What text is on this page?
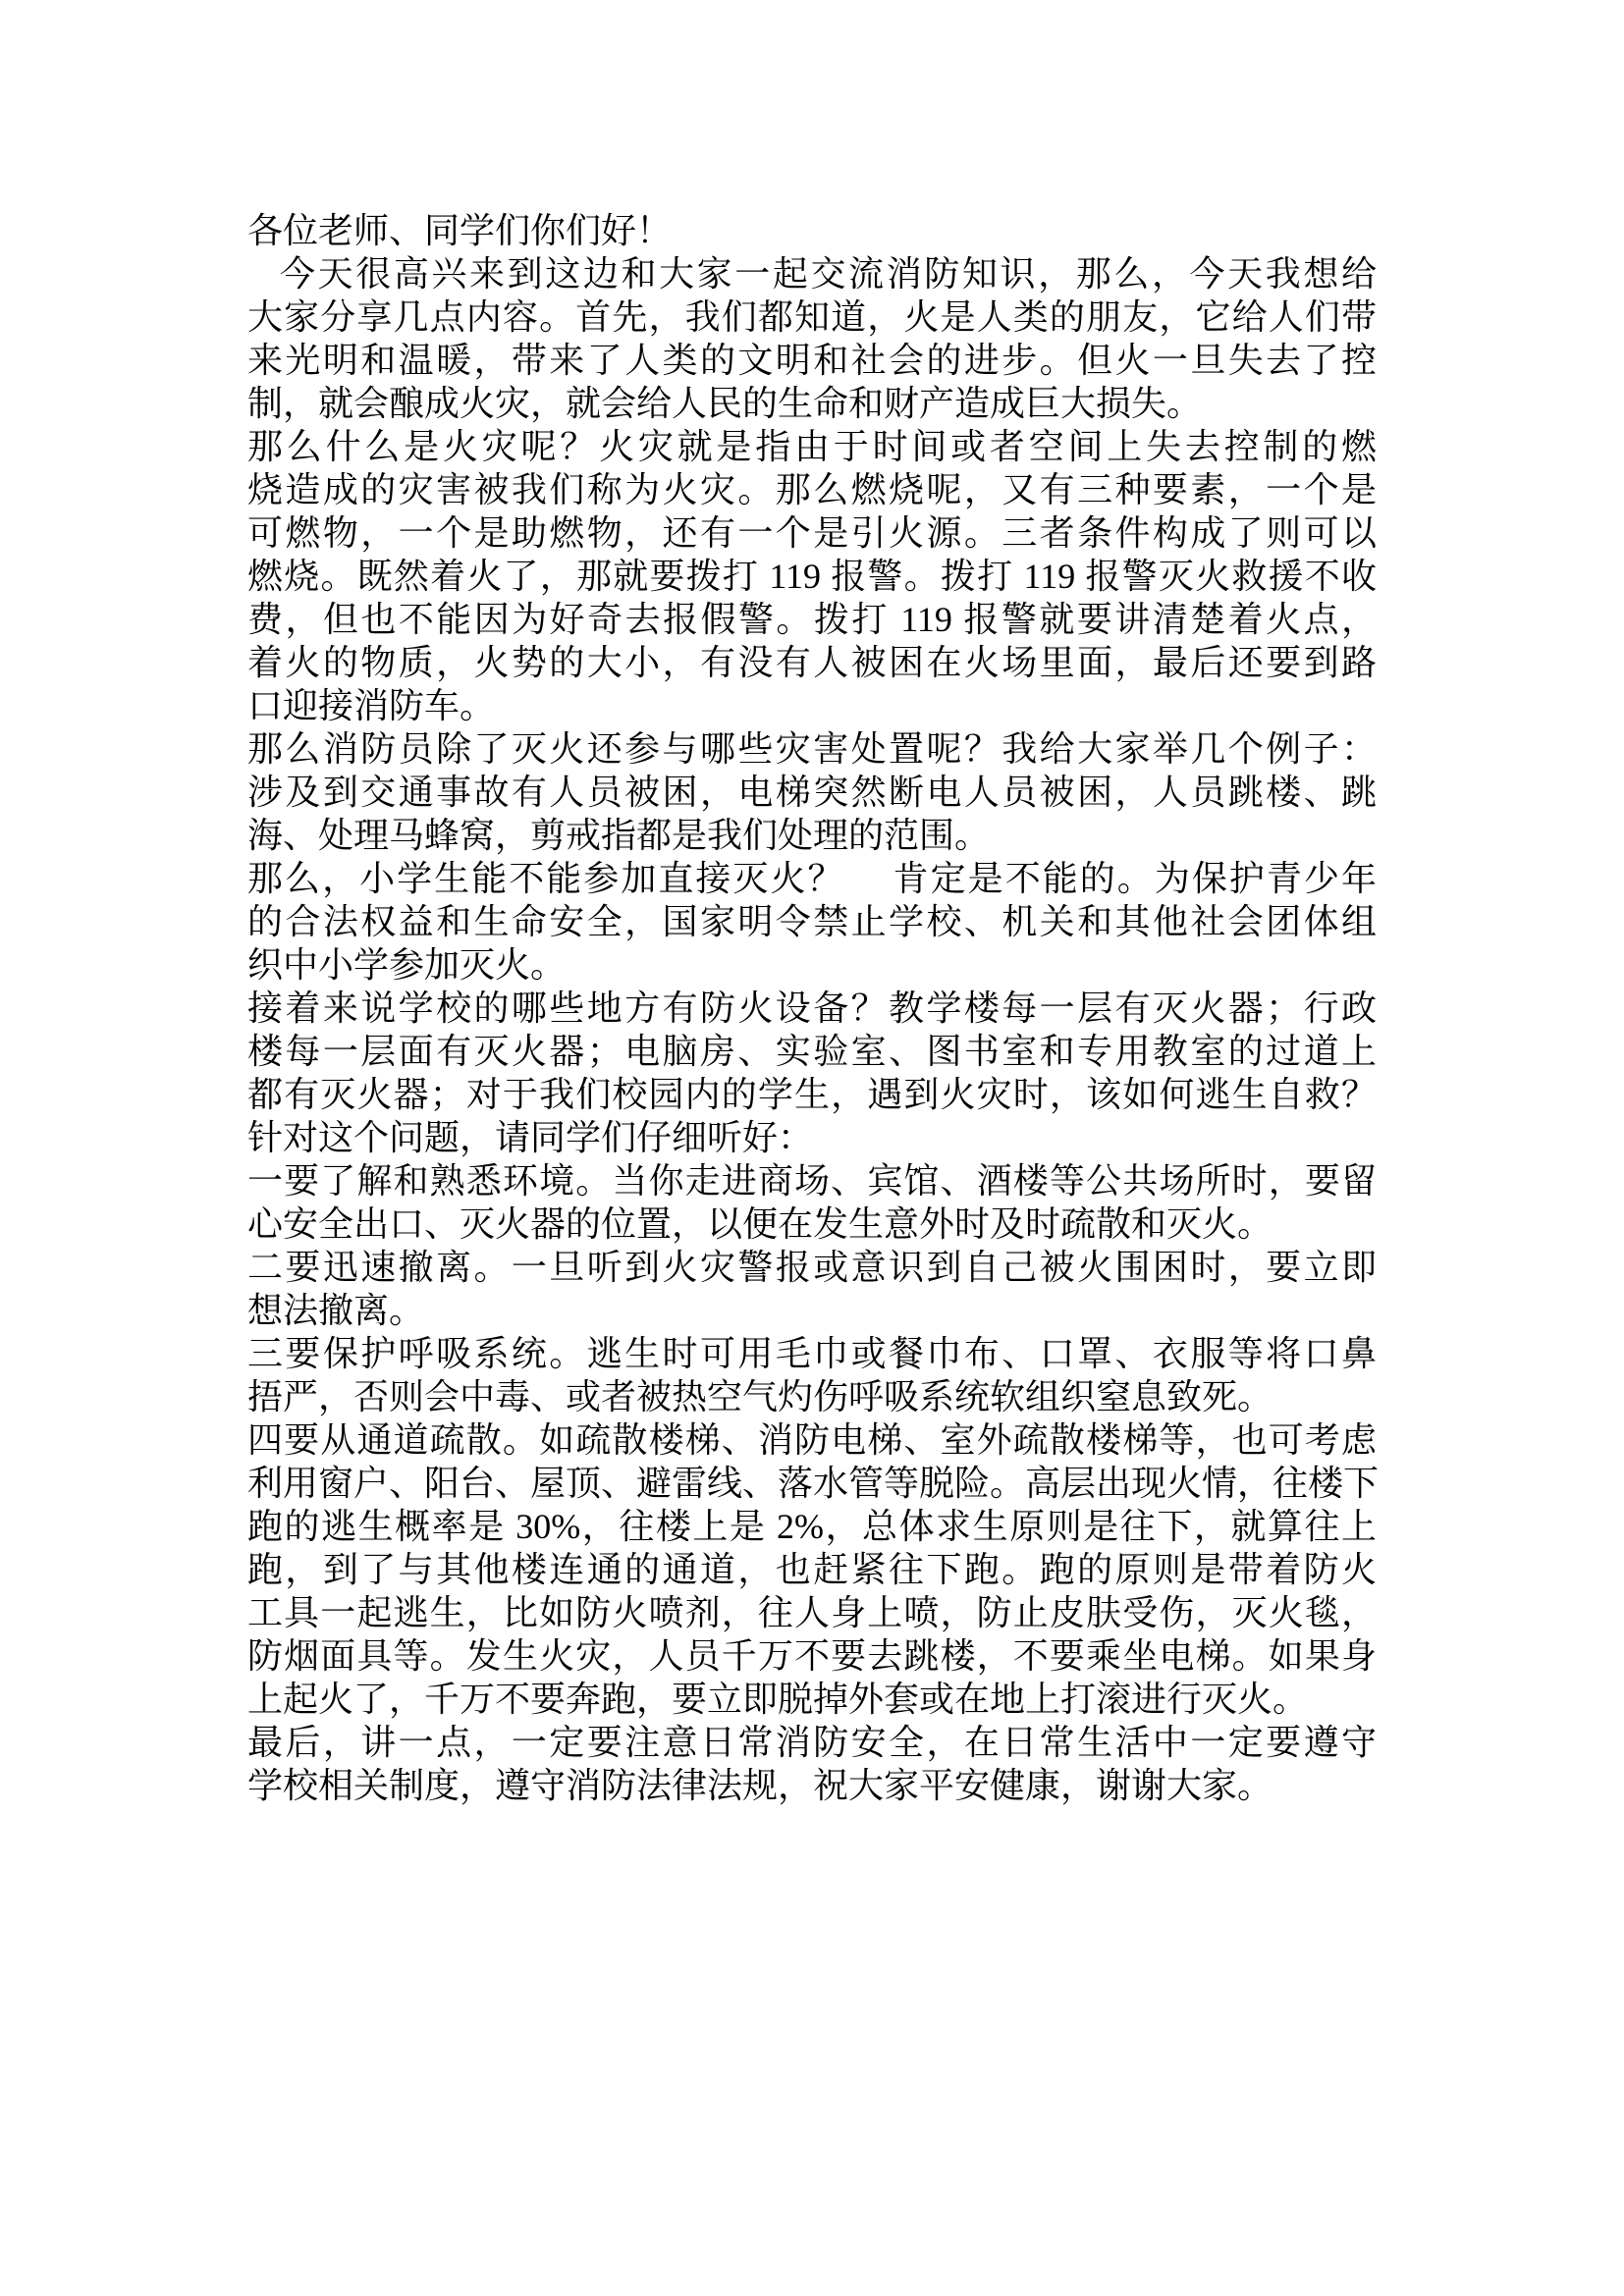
各位老师、同学们你们好！
今天很高兴来到这边和大家一起交流消防知识，那么，今天我想给
大家分享几点内容。首先，我们都知道，火是人类的朋友，它给人们带
来光明和温暖，带来了人类的文明和社会的进步。但火一旦失去了控
制，就会酿成火灾，就会给人民的生命和财产造成巨大损失。
那么什么是火灾呢？火灾就是指由于时间或者空间上失去控制的燃
烧造成的灾害被我们称为火灾。那么燃烧呢，又有三种要素，一个是
可燃物，一个是助燃物，还有一个是引火源。三者条件构成了则可以
燃烧。既然着火了，那就要拨打 119 报警。拨打 119 报警灭火救援不收
费，但也不能因为好奇去报假警。拨打 119 报警就要讲清楚着火点，
着火的物质，火势的大小，有没有人被困在火场里面，最后还要到路
口迎接消防车。
那么消防员除了灭火还参与哪些灾害处置呢？我给大家举几个例子：
涉及到交通事故有人员被困，电梯突然断电人员被困，人员跳楼、跳
海、处理马蜂窝，剪戒指都是我们处理的范围。
那么，小学生能不能参加直接灭火？　 肯定是不能的。为保护青少年
的合法权益和生命安全，国家明令禁止学校、机关和其他社会团体组
织中小学参加灭火。
接着来说学校的哪些地方有防火设备？教学楼每一层有灭火器；行政
楼每一层面有灭火器；电脑房、实验室、图书室和专用教室的过道上
都有灭火器；对于我们校园内的学生，遇到火灾时，该如何逃生自救？
针对这个问题，请同学们仔细听好：
一要了解和熟悉环境。当你走进商场、宾馆、酒楼等公共场所时，要留
心安全出口、灭火器的位置，以便在发生意外时及时疏散和灭火。
二要迅速撤离。一旦听到火灾警报或意识到自己被火围困时，要立即
想法撤离。
三要保护呼吸系统。逃生时可用毛巾或餐巾布、口罩、衣服等将口鼻
捂严，否则会中毒、或者被热空气灼伤呼吸系统软组织窒息致死。
四要从通道疏散。如疏散楼梯、消防电梯、室外疏散楼梯等，也可考虑
利用窗户、阳台、屋顶、避雷线、落水管等脱险。高层出现火情，往楼下
跑的逃生概率是 30%，往楼上是 2%，总体求生原则是往下，就算往上
跑，到了与其他楼连通的通道，也赶紧往下跑。跑的原则是带着防火
工具一起逃生，比如防火喷剂，往人身上喷，防止皮肤受伤，灭火毯，
防烟面具等。发生火灾，人员千万不要去跳楼，不要乘坐电梯。如果身
上起火了，千万不要奔跑，要立即脱掉外套或在地上打滚进行灭火。
最后，讲一点，一定要注意日常消防安全，在日常生活中一定要遵守
学校相关制度，遵守消防法律法规，祝大家平安健康，谢谢大家。
